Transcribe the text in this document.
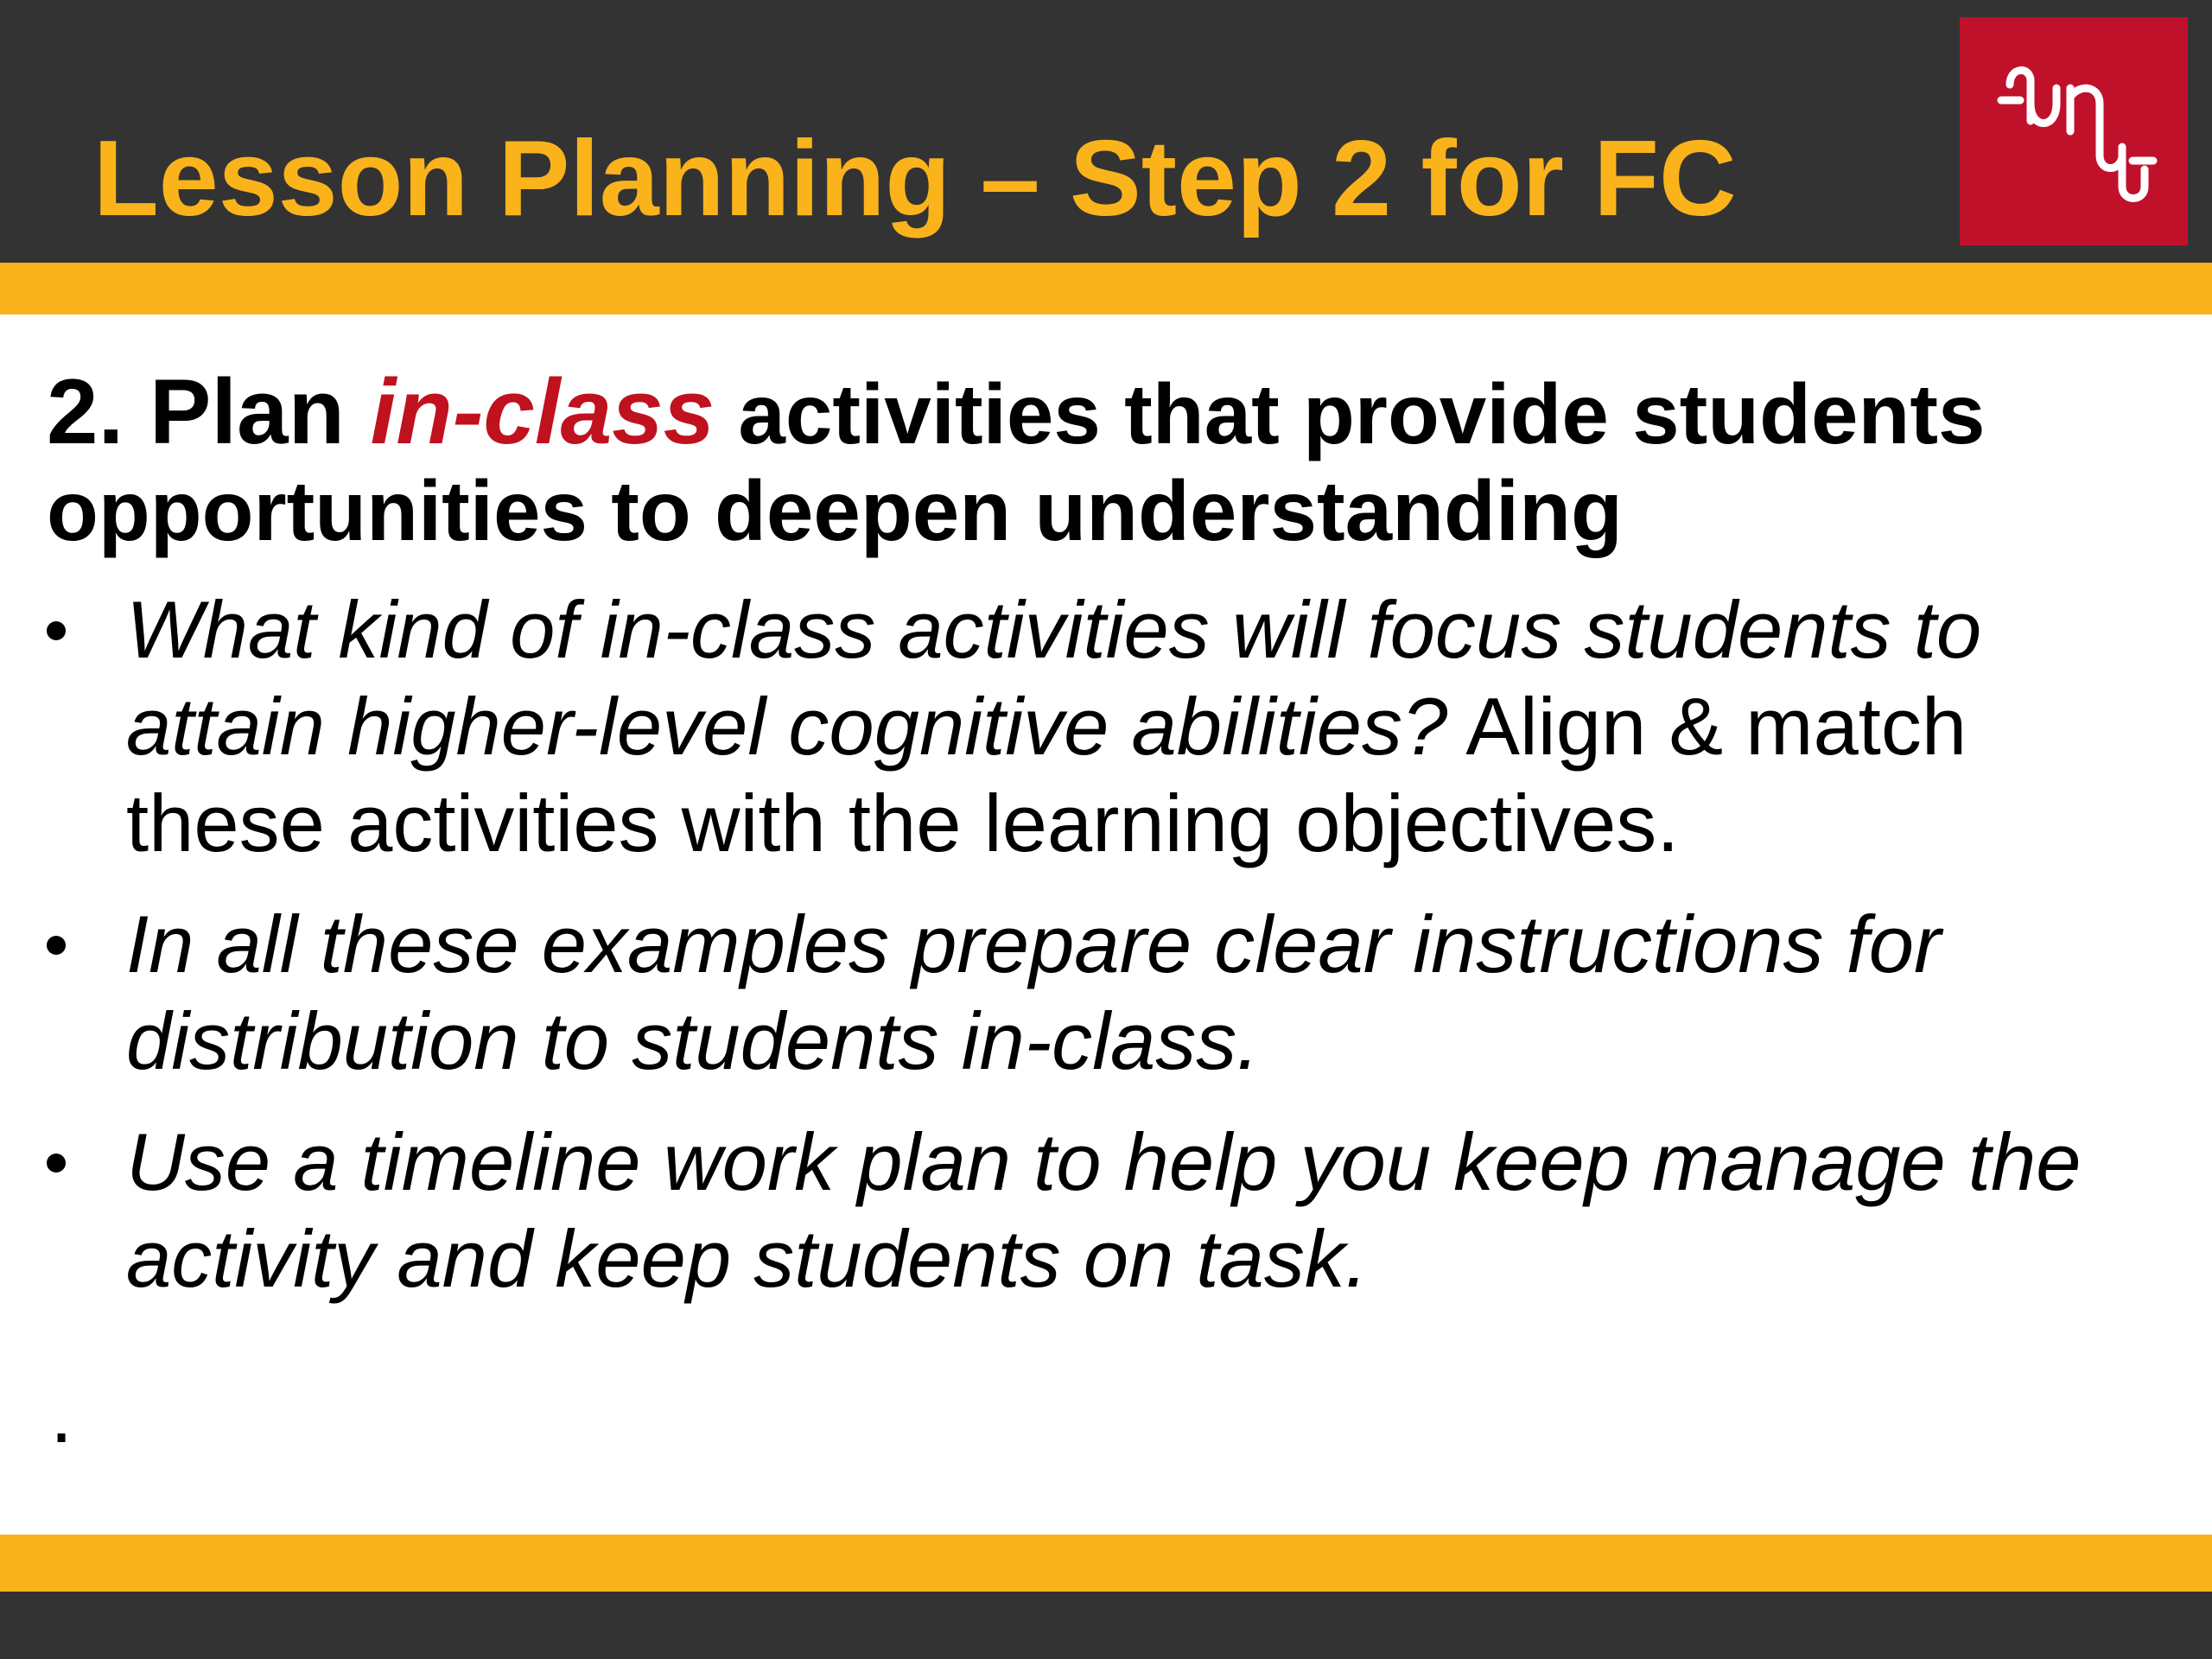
Lesson Planning – Step 2 for FC

2. Plan in-class activities that provide students opportunities to deepen understanding

What kind of in-class activities will focus students to attain higher-level cognitive abilities? Align & match these activities with the learning objectives.
In all these examples prepare clear instructions for distribution to students in-class.
Use a timeline work plan to help you keep manage the activity and keep students on task.
.
